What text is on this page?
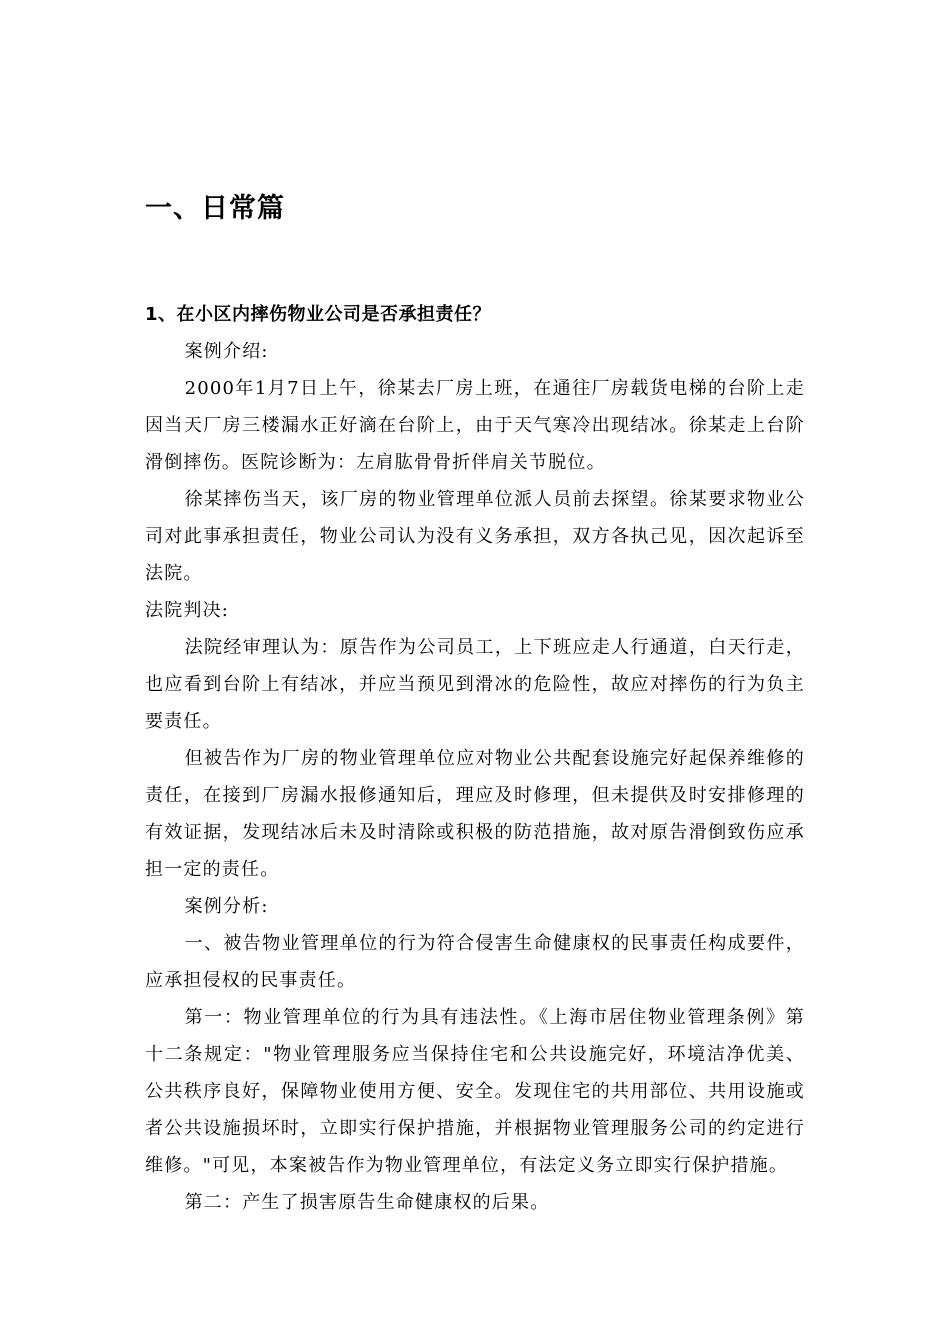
一、日常篇

1、在小区内摔伤物业公司是否承担责任？

案例介绍:

2000年1月7日上午，徐某去厂房上班，在通往厂房载货电梯的台阶上走因当天厂房三楼漏水正好滴在台阶上，由于天气寒冷出现结冰。徐某走上台阶滑倒摔伤。医院诊断为：左肩肱骨骨折伴肩关节脱位。

徐某摔伤当天，该厂房的物业管理单位派人员前去探望。徐某要求物业公司对此事承担责任，物业公司认为没有义务承担，双方各执己见，因次起诉至法院。

法院判决:

法院经审理认为：原告作为公司员工，上下班应走人行通道，白天行走，也应看到台阶上有结冰，并应当预见到滑冰的危险性，故应对摔伤的行为负主要责任。

但被告作为厂房的物业管理单位应对物业公共配套设施完好起保养维修的责任，在接到厂房漏水报修通知后，理应及时修理，但未提供及时安排修理的有效证据，发现结冰后未及时清除或积极的防范措施，故对原告滑倒致伤应承担一定的责任。

案例分析:

一、被告物业管理单位的行为符合侵害生命健康权的民事责任构成要件，应承担侵权的民事责任。

第一：物业管理单位的行为具有违法性。《上海市居住物业管理条例》第十二条规定："物业管理服务应当保持住宅和公共设施完好，环境洁净优美、公共秩序良好，保障物业使用方便、安全。发现住宅的共用部位、共用设施或者公共设施损坏时，立即实行保护措施，并根据物业管理服务公司的约定进行维修。"可见，本案被告作为物业管理单位，有法定义务立即实行保护措施。

第二：产生了损害原告生命健康权的后果。
